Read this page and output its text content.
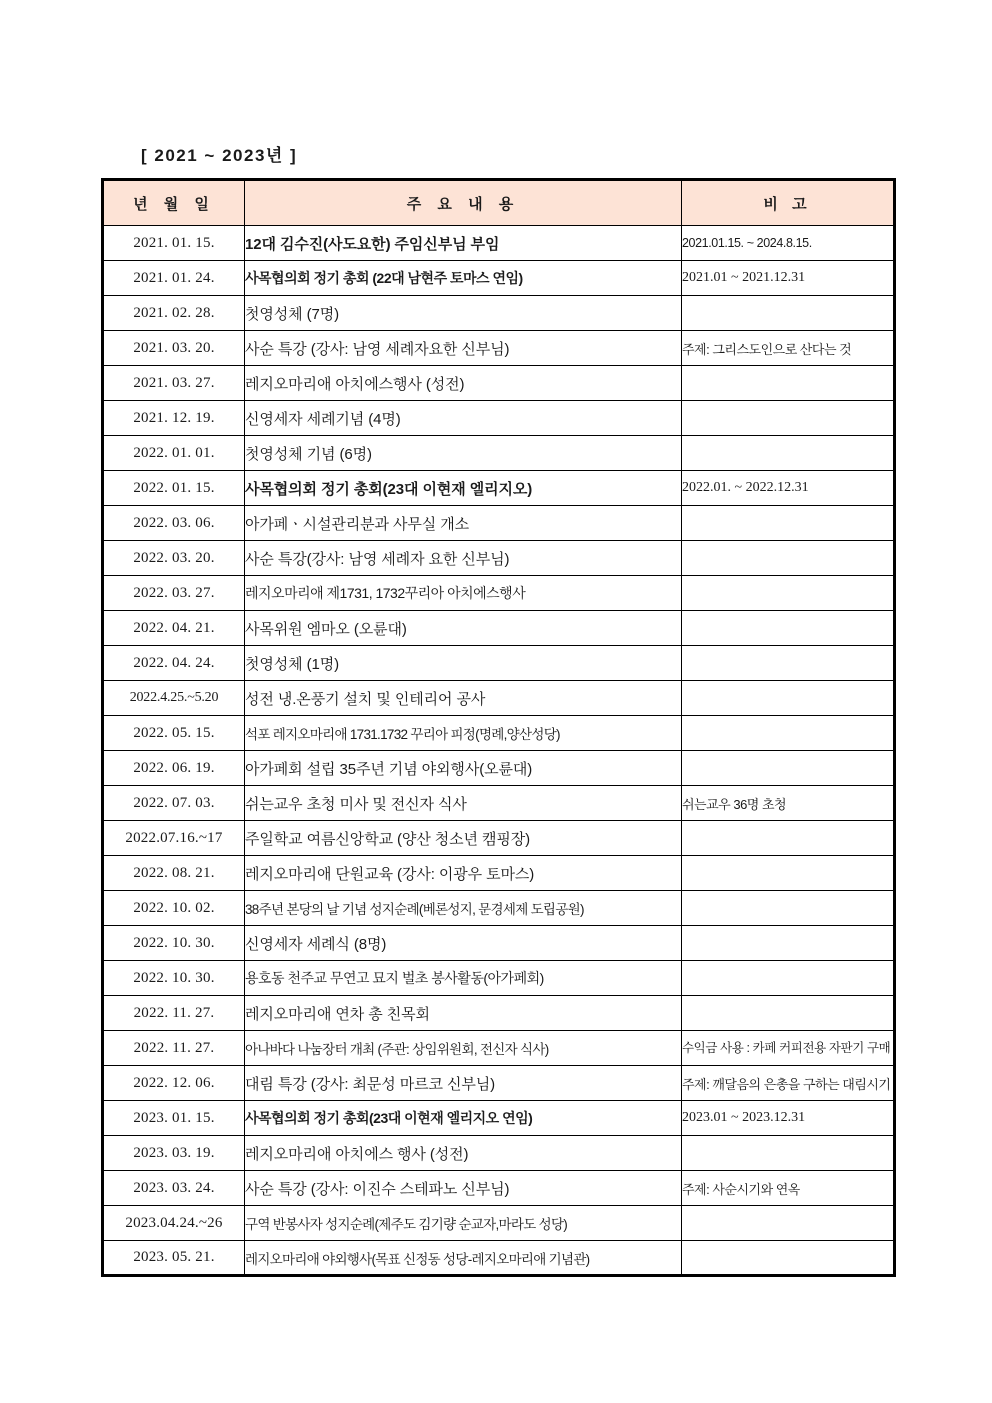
[ 2021 ~ 2023년 ]
년 월 일	주 요 내 용	비 고
2021. 01. 15.	12대 김수진(사도요한) 주임신부님 부임	2021.01.15. ~ 2024.8.15.
2021. 01. 24.	사목협의회 정기 총회 (22대 남현주 토마스 연임)	2021.01 ~ 2021.12.31
2021. 02. 28.	첫영성체 (7명)	
2021. 03. 20.	사순 특강 (강사: 남영 세례자요한 신부님)	주제: 그리스도인으로 산다는 것
2021. 03. 27.	레지오마리애 아치에스행사 (성전)	
2021. 12. 19.	신영세자 세례기념 (4명)	
2022. 01. 01.	첫영성체 기념 (6명)	
2022. 01. 15.	사목협의회 정기 총회(23대 이현재 엘리지오)	2022.01. ~ 2022.12.31
2022. 03. 06.	아가페ㆍ시설관리분과 사무실 개소	
2022. 03. 20.	사순 특강(강사: 남영 세례자 요한 신부님)	
2022. 03. 27.	레지오마리애 제1731, 1732꾸리아 아치에스행사	
2022. 04. 21.	사목위원 엠마오 (오륜대)	
2022. 04. 24.	첫영성체 (1명)	
2022.4.25.~5.20	성전 냉.온풍기 설치 및 인테리어 공사	
2022. 05. 15.	석포 레지오마리애 1731.1732 꾸리아 피정(명례,양산성당)	
2022. 06. 19.	아가페회 설립 35주년 기념 야외행사(오륜대)	
2022. 07. 03.	쉬는교우 초청 미사 및 전신자 식사	쉬는교우 36명 초청
2022.07.16.~17	주일학교 여름신앙학교 (양산 청소년 캠핑장)	
2022. 08. 21.	레지오마리애 단원교육 (강사: 이광우 토마스)	
2022. 10. 02.	38주년 본당의 날 기념 성지순례(베론성지, 문경세제 도립공원)	
2022. 10. 30.	신영세자 세례식 (8명)	
2022. 10. 30.	용호동 천주교 무연고 묘지 벌초 봉사활동(아가페회)	
2022. 11. 27.	레지오마리애 연차 총 친목회	
2022. 11. 27.	아나바다 나눔장터 개최 (주관: 상임위원회, 전신자 식사)	수익금 사용 : 카페 커피전용 자판기 구매
2022. 12. 06.	대림 특강 (강사: 최문성 마르코 신부님)	주제: 깨달음의 은총을 구하는 대림시기
2023. 01. 15.	사목협의회 정기 총회(23대 이현재 엘리지오 연임)	2023.01 ~ 2023.12.31
2023. 03. 19.	레지오마리애 아치에스 행사 (성전)	
2023. 03. 24.	사순 특강 (강사: 이진수 스테파노 신부님)	주제: 사순시기와 연옥
2023.04.24.~26	구역 반봉사자 성지순례(제주도 김기량 순교자,마라도 성당)	
2023. 05. 21.	레지오마리애 야외행사(목표 신정동 성당-레지오마리애 기념관)	
